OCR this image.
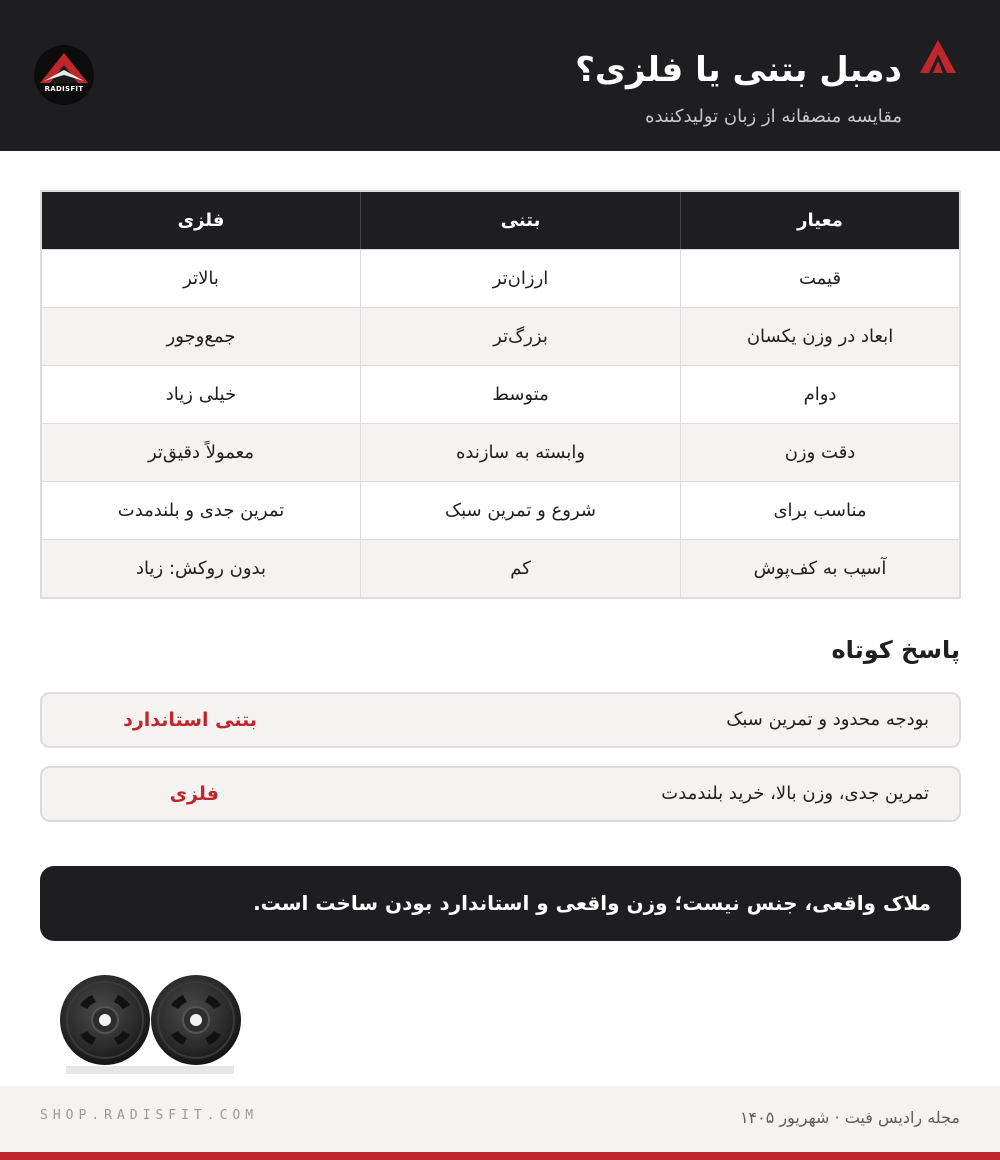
RADISFIT	دمبل بتنی یا فلزی؟
مقایسه منصفانه از زبان تولیدکننده
معیار
بتنی
فلزی
قیمت
ارزان‌تر
بالاتر
ابعاد در وزن یکسان
بزرگ‌تر
جمع‌وجور
دوام
متوسط
خیلی زیاد
دقت وزن
وابسته به سازنده
معمولاً دقیق‌تر
مناسب برای
شروع و تمرین سبک
تمرین جدی و بلندمدت
آسیب به کف‌پوش
کم
بدون روکش: زیاد
پاسخ کوتاه
بودجه محدود و تمرین سبک
بتنی استاندارد
تمرین جدی، وزن بالا، خرید بلندمدت
فلزی
ملاک واقعی، جنس نیست؛ وزن واقعی و استاندارد بودن ساخت است.
SHOP.RADISFIT.COM	مجله رادیس فیت · شهریور ۱۴۰۵
